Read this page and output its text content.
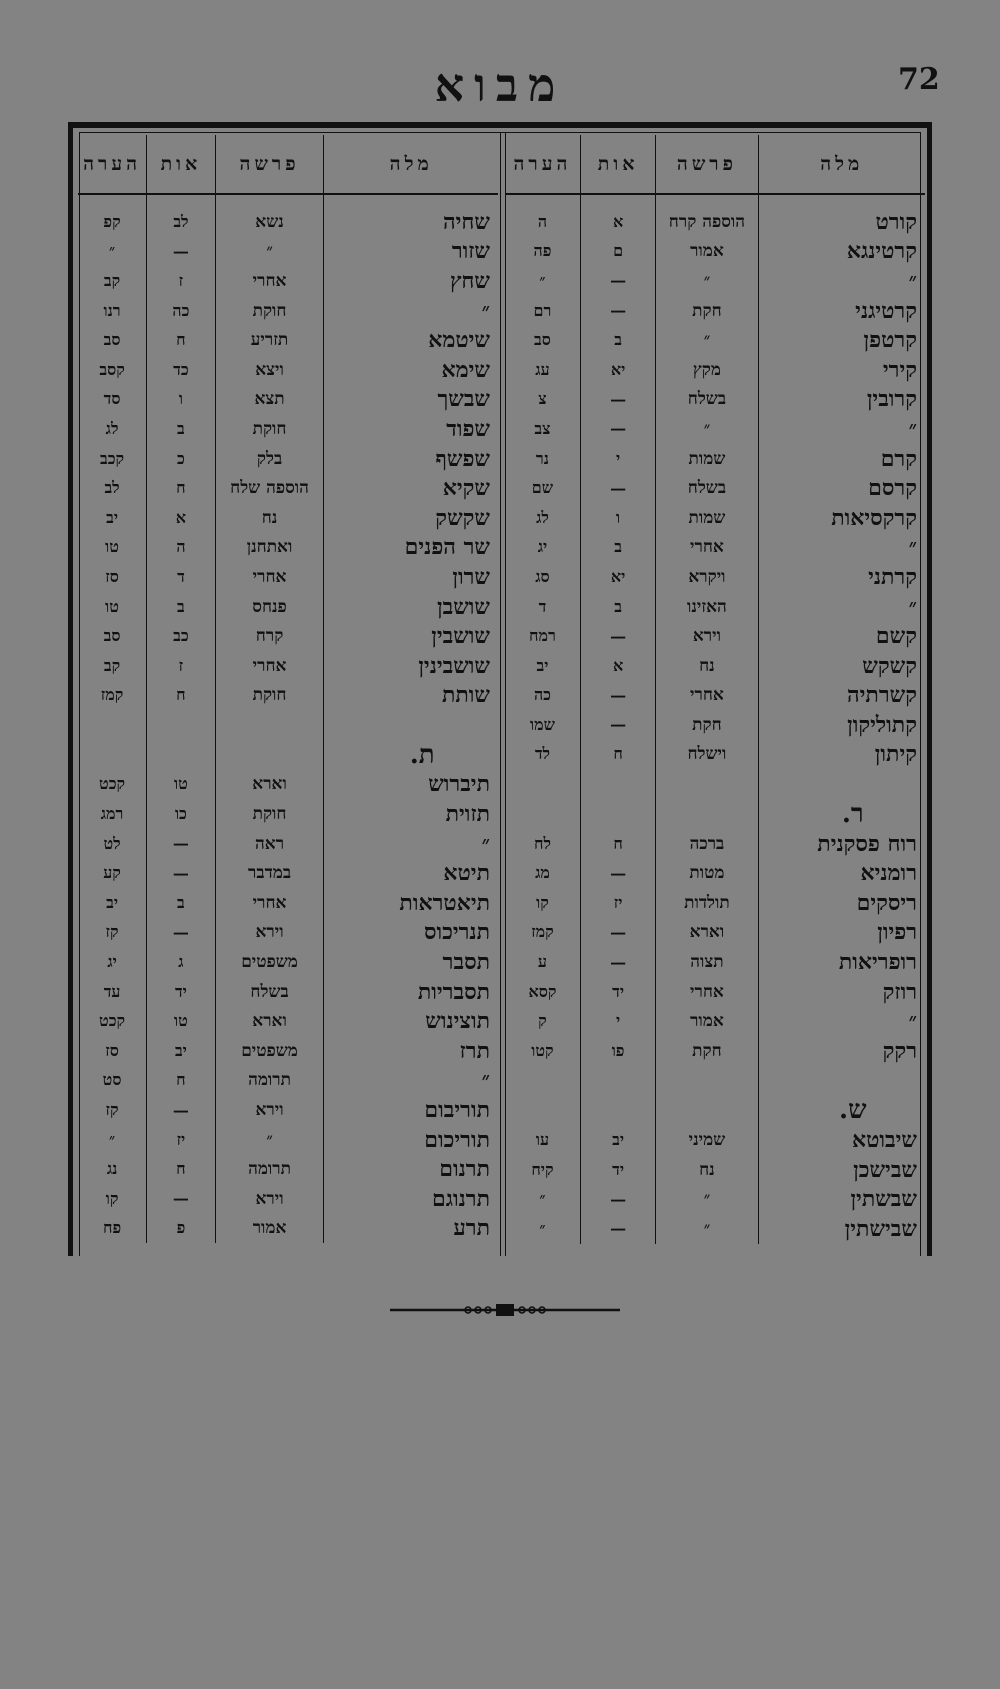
72
מבוא
מלה	פרשה	אות	הערה
קורט	הוספה קרח	א	ה
קרטינגא	אמור	ם	פה
״	״	—	״
קרטיגני	חקת	—	רם
קרטפן	״	ב	סב
קירי	מקץ	יא	עג
קרובין	בשלח	—	צ
״	״	—	צב
קרם	שמות	י	נר
קרסם	בשלח	—	שם
קרקסיאות	שמות	ו	לג
״	אחרי	ב	יג
קרתני	ויקרא	יא	סג
״	האזינו	ב	ד
קשם	וירא	—	רמח
קשקש	נח	א	יב
קשרתיה	אחרי	—	כה
קתוליקון	חקת	—	שמו
קיתון	וישלח	ח	לד

ר.			
רוח פסקנית	ברכה	ח	לח
רומניא	מטות	—	מג
ריסקים	תולדות	יז	קו
רפיון	וארא	—	קמז
רופריאות	תצוה	—	ע
רוזק	אחרי	יד	קסא
״	אמור	י	ק
רקק	חקת	פו	קטו

ש.			
שיבוטא	שמיני	יב	עו
שבישכן	נח	יד	קיח
שבשתין	״	—	״
שבישתין	״	—	״
מלה	פרשה	אות	הערה
שחיה	נשא	לב	קפ
שזור	״	—	״
שחץ	אחרי	ז	קב
״	חוקת	כה	רנו
שיטמא	תזריע	ח	סב
שימא	ויצא	כד	קסב
שבשך	תצא	ו	סד
שפוד	חוקת	ב	לג
שפשף	בלק	כ	קכב
שקיא	הוספה שלח	ח	לב
שקשק	נח	א	יב
שר הפנים	ואתחנן	ה	טו
שרון	אחרי	ד	סז
שושבן	פנחס	ב	טו
שושבין	קרח	כב	סב
שושבינין	אחרי	ז	קב
שותת	חוקת	ח	קמז

ת.			
תיברוש	וארא	טו	קכט
תזוית	חוקת	כו	רמג
״	ראה	—	לט
תיטא	במדבר	—	קע
תיאטראות	אחרי	ב	יב
תנריכוס	וירא	—	קז
תסבר	משפטים	ג	יג
תסבריות	בשלח	יד	עד
תוצינוש	וארא	טו	קכט
תרז	משפטים	יב	סז
״	תרומה	ח	סט
תוריבום	וירא	—	קז
תוריכום	״	יז	״
תרנום	תרומה	ח	נג
תרנוגם	וירא	—	קו
תרע	אמור	פ	פח
